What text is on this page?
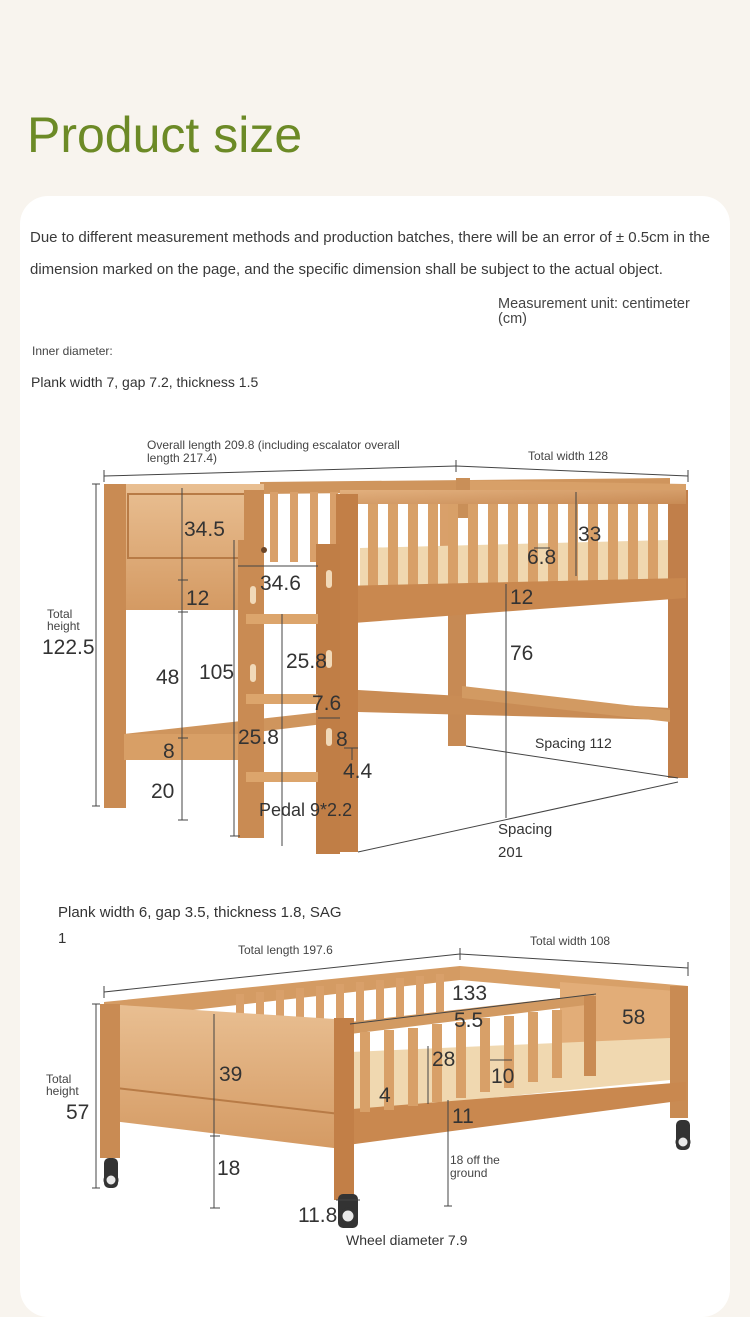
Product size
Due to different measurement methods and production batches, there will be an error of ± 0.5cm in the dimension marked on the page, and the specific dimension shall be subject to the actual object.
Measurement unit: centimeter (cm)
Inner diameter:
Plank width 7, gap 7.2, thickness 1.5
Overall length 209.8 (including escalator overall length 217.4)	Total width 128
Total height
122.5
34.5
34.6
12	12
48 105 25.8
7.6
25.8	8
8
4.4
20
Pedal 9*2.2
33
6.8
76
Spacing 112
Spacing
201
Plank width 6, gap 3.5, thickness 1.8, SAG
1
Total length 197.6
Total width 108
Total height
57
133
5.5	58
39
28
10
4
11
18	18 off the ground
11.8
Wheel diameter 7.9
